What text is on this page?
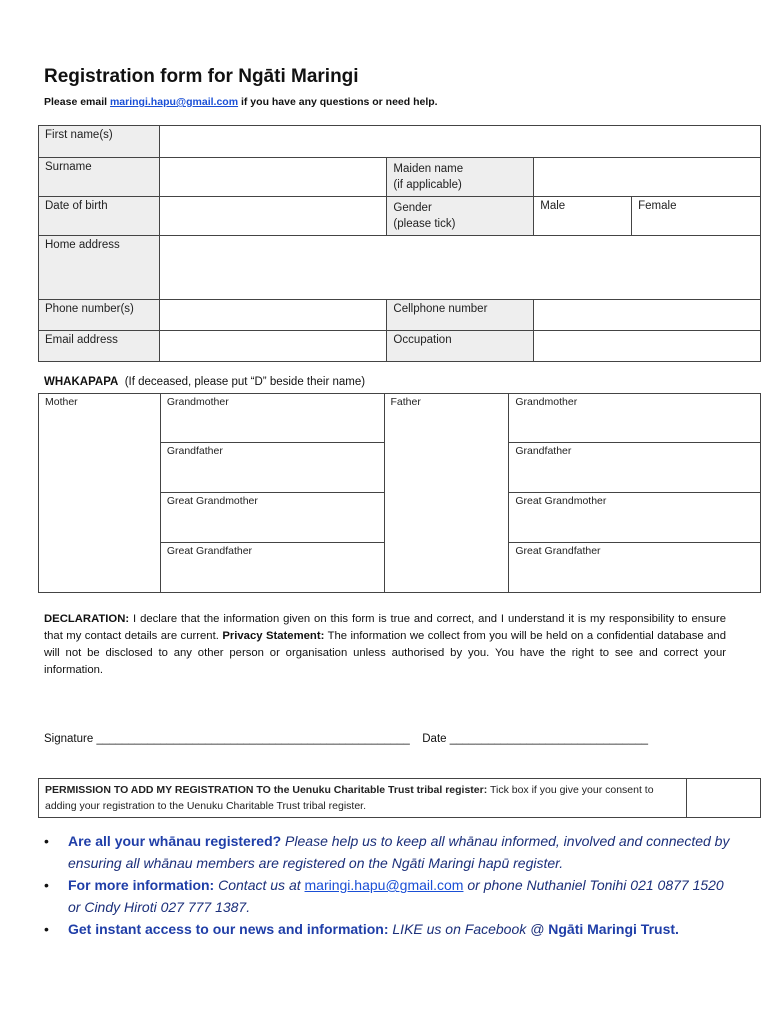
Registration form for Ngāti Maringi
Please email maringi.hapu@gmail.com if you have any questions or need help.
First name(s)				
Surname		Maiden name
(if applicable)		
Date of birth		Gender
(please tick)	Male	Female
Home address				
Phone number(s)		Cellphone number		
Email address		Occupation		
WHAKAPAPA (If deceased, please put “D” beside their name)
Mother	Grandmother	Father	Grandmother
	Grandfather		Grandfather
	Great Grandmother		Great Grandmother
	Great Grandfather		Great Grandfather
DECLARATION: I declare that the information given on this form is true and correct, and I understand it is my responsibility to ensure that my contact details are current. Privacy Statement: The information we collect from you will be held on a confidential database and will not be disclosed to any other person or organisation unless authorised by you. You have the right to see and correct your information.
Signature _________________________________________________ Date _______________________________
PERMISSION TO ADD MY REGISTRATION TO the Uenuku Charitable Trust tribal register: Tick box if you give your consent to adding your registration to the Uenuku Charitable Trust tribal register.	
• Are all your whānau registered? Please help us to keep all whānau informed, involved and connected by ensuring all whānau members are registered on the Ngāti Maringi hapū register.
• For more information: Contact us at maringi.hapu@gmail.com or phone Nuthaniel Tonihi 021 0877 1520 or Cindy Hiroti 027 777 1387.
• Get instant access to our news and information: LIKE us on Facebook @ Ngāti Maringi Trust.
